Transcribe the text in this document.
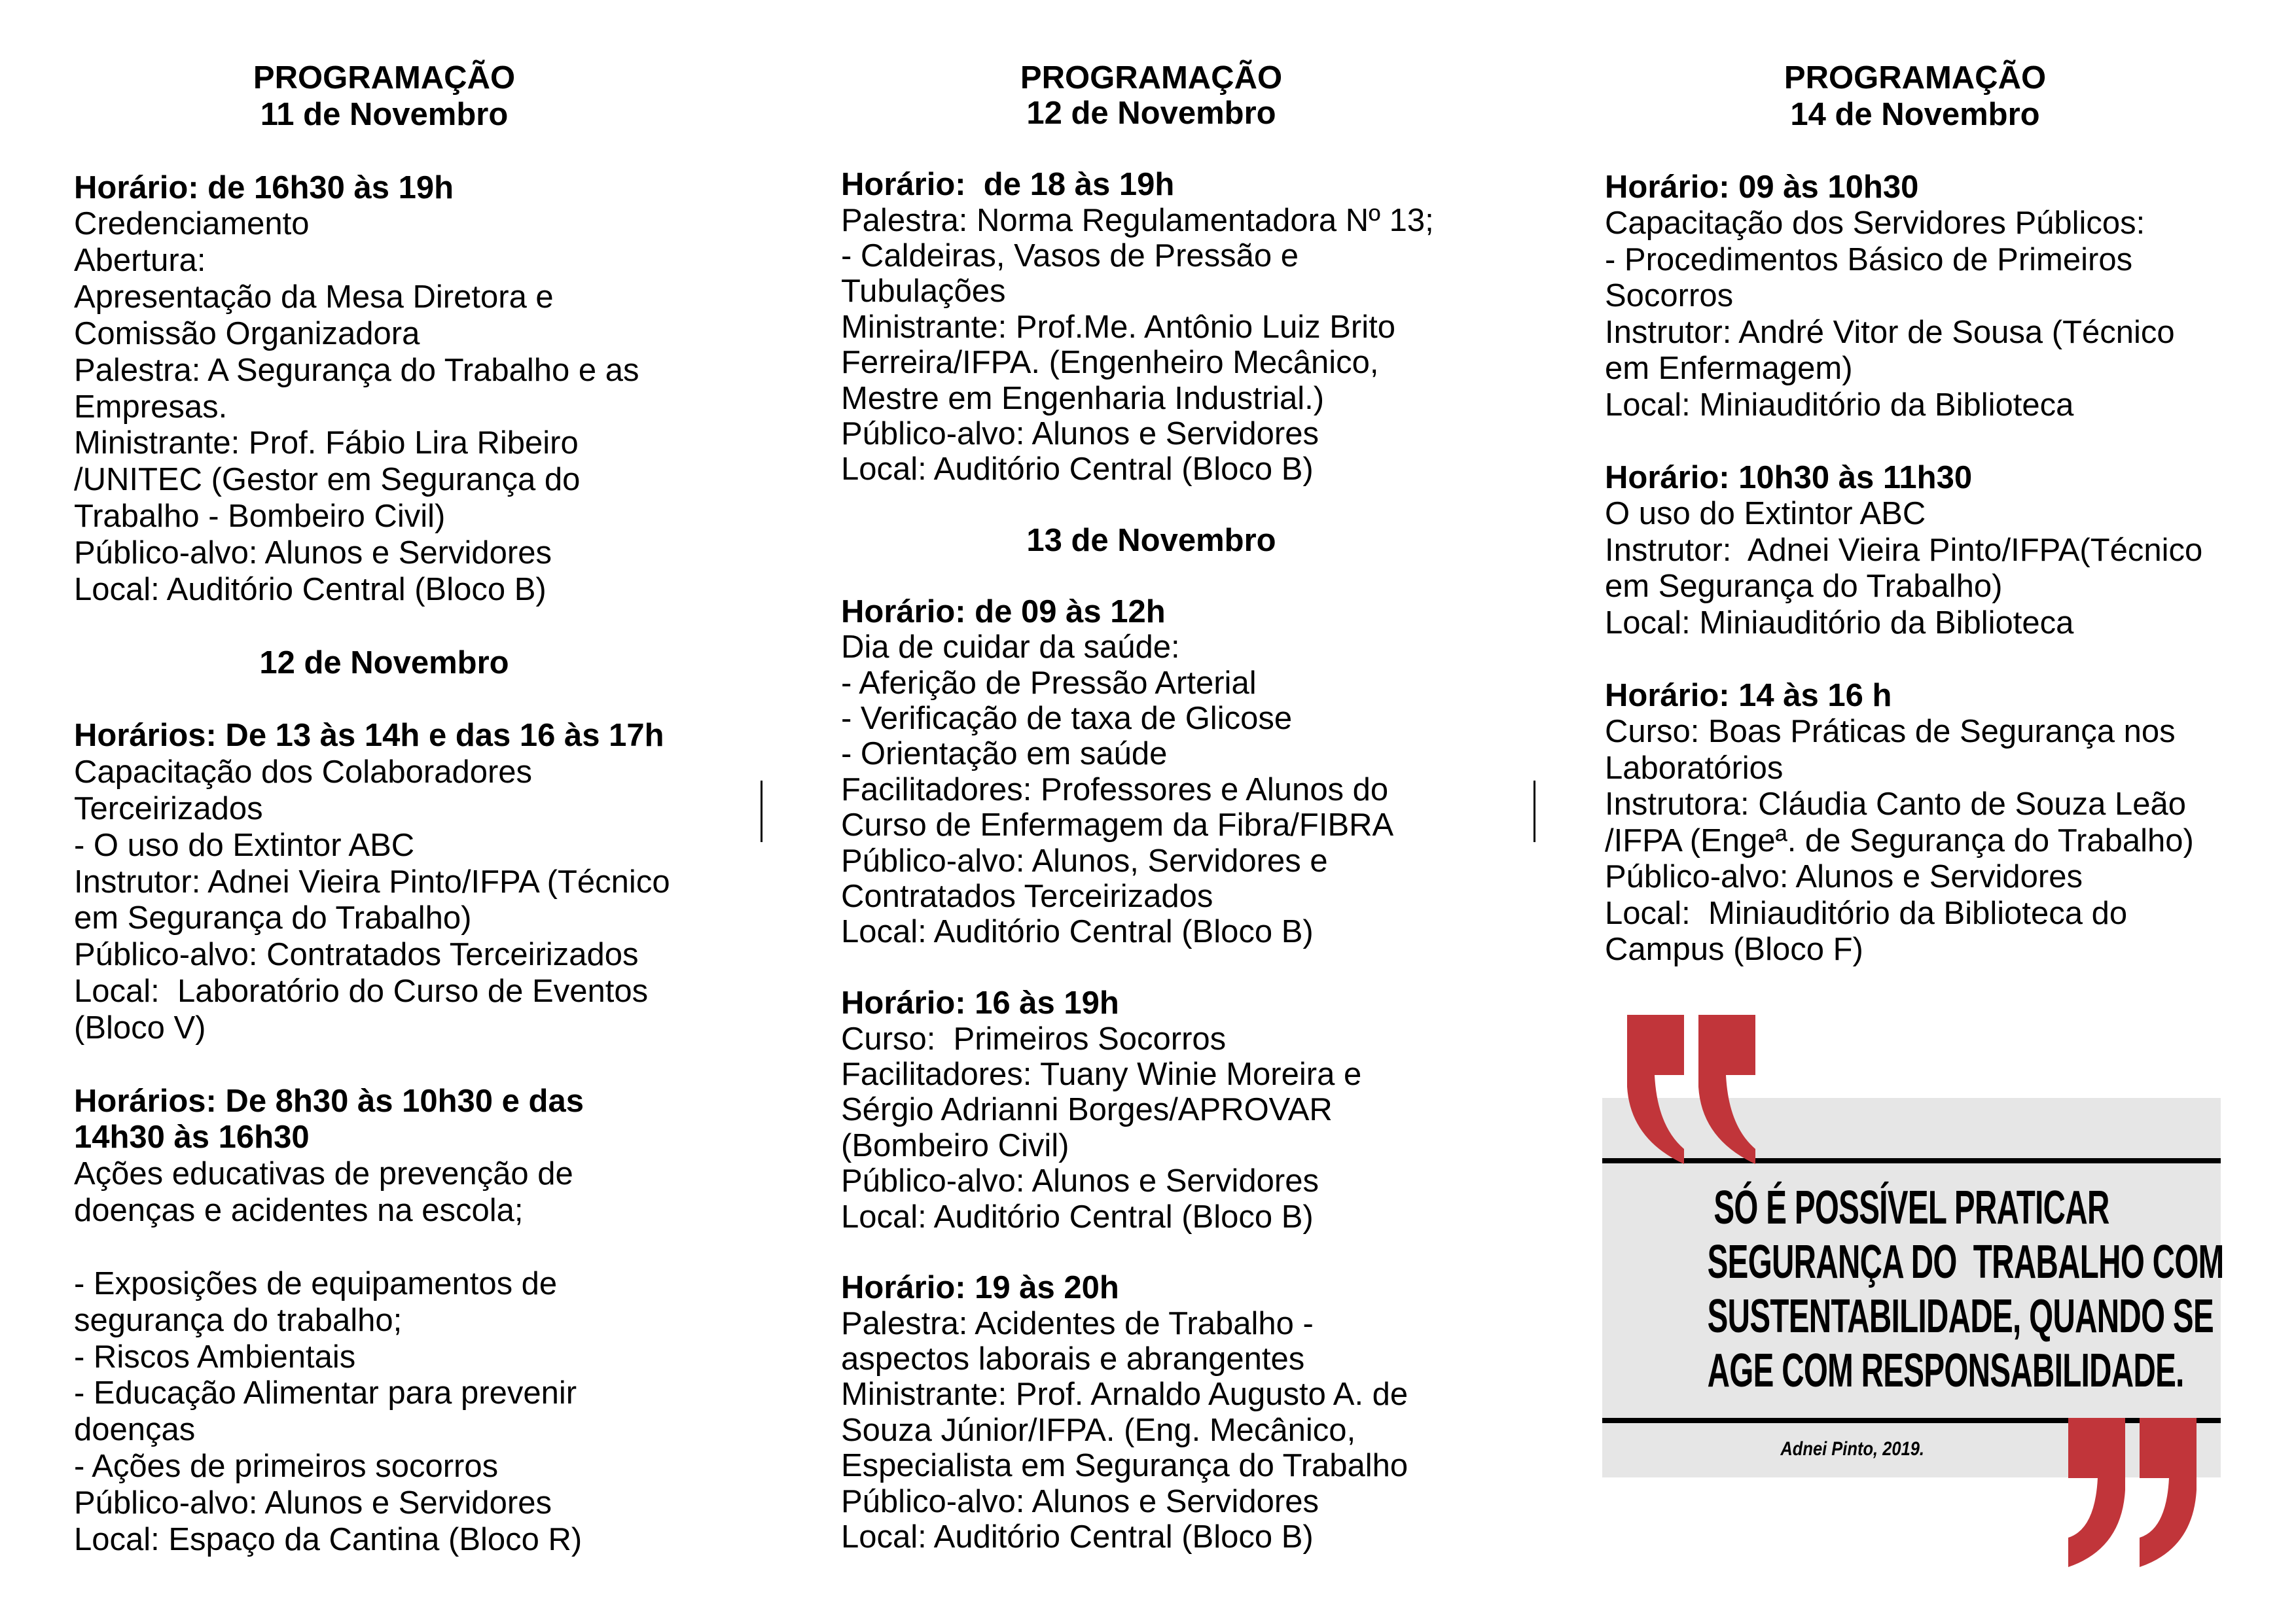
PROGRAMAÇÃO
11 de Novembro
Horário: de 16h30 às 19h
Credenciamento
Abertura:
Apresentação da Mesa Diretora e
Comissão Organizadora
Palestra: A Segurança do Trabalho e as
Empresas.
Ministrante: Prof. Fábio Lira Ribeiro
/UNITEC (Gestor em Segurança do
Trabalho - Bombeiro Civil)
Público-alvo: Alunos e Servidores
Local: Auditório Central (Bloco B)
12 de Novembro
Horários: De 13 às 14h e das 16 às 17h
Capacitação dos Colaboradores
Terceirizados
- O uso do Extintor ABC
Instrutor: Adnei Vieira Pinto/IFPA (Técnico
em Segurança do Trabalho)
Público-alvo: Contratados Terceirizados
Local:  Laboratório do Curso de Eventos
(Bloco V)
Horários: De 8h30 às 10h30 e das
14h30 às 16h30
Ações educativas de prevenção de
doenças e acidentes na escola;
- Exposições de equipamentos de
segurança do trabalho;
- Riscos Ambientais
- Educação Alimentar para prevenir
doenças
- Ações de primeiros socorros
Público-alvo: Alunos e Servidores
Local: Espaço da Cantina (Bloco R)
PROGRAMAÇÃO
12 de Novembro
Horário:  de 18 às 19h
Palestra: Norma Regulamentadora Nº 13;
- Caldeiras, Vasos de Pressão e
Tubulações
Ministrante: Prof.Me. Antônio Luiz Brito
Ferreira/IFPA. (Engenheiro Mecânico,
Mestre em Engenharia Industrial.)
Público-alvo: Alunos e Servidores
Local: Auditório Central (Bloco B)
13 de Novembro
Horário: de 09 às 12h
Dia de cuidar da saúde:
- Aferição de Pressão Arterial
- Verificação de taxa de Glicose
- Orientação em saúde
Facilitadores: Professores e Alunos do
Curso de Enfermagem da Fibra/FIBRA
Público-alvo: Alunos, Servidores e
Contratados Terceirizados
Local: Auditório Central (Bloco B)
Horário: 16 às 19h
Curso:  Primeiros Socorros
Facilitadores: Tuany Winie Moreira e
Sérgio Adrianni Borges/APROVAR
(Bombeiro Civil)
Público-alvo: Alunos e Servidores
Local: Auditório Central (Bloco B)
Horário: 19 às 20h
Palestra: Acidentes de Trabalho -
aspectos laborais e abrangentes
Ministrante: Prof. Arnaldo Augusto A. de
Souza Júnior/IFPA. (Eng. Mecânico,
Especialista em Segurança do Trabalho
Público-alvo: Alunos e Servidores
Local: Auditório Central (Bloco B)
PROGRAMAÇÃO
14 de Novembro
Horário: 09 às 10h30
Capacitação dos Servidores Públicos:
- Procedimentos Básico de Primeiros
Socorros
Instrutor: André Vitor de Sousa (Técnico
em Enfermagem)
Local: Miniauditório da Biblioteca
Horário: 10h30 às 11h30
O uso do Extintor ABC
Instrutor:  Adnei Vieira Pinto/IFPA(Técnico
em Segurança do Trabalho)
Local: Miniauditório da Biblioteca
Horário: 14 às 16 h
Curso: Boas Práticas de Segurança nos
Laboratórios
Instrutora: Cláudia Canto de Souza Leão
/IFPA (Engeª. de Segurança do Trabalho)
Público-alvo: Alunos e Servidores
Local:  Miniauditório da Biblioteca do
Campus (Bloco F)
SÓ É POSSÍVEL PRATICAR
SEGURANÇA DO  TRABALHO COM
SUSTENTABILIDADE, QUANDO SE
AGE COM RESPONSABILIDADE.
Adnei Pinto, 2019.
